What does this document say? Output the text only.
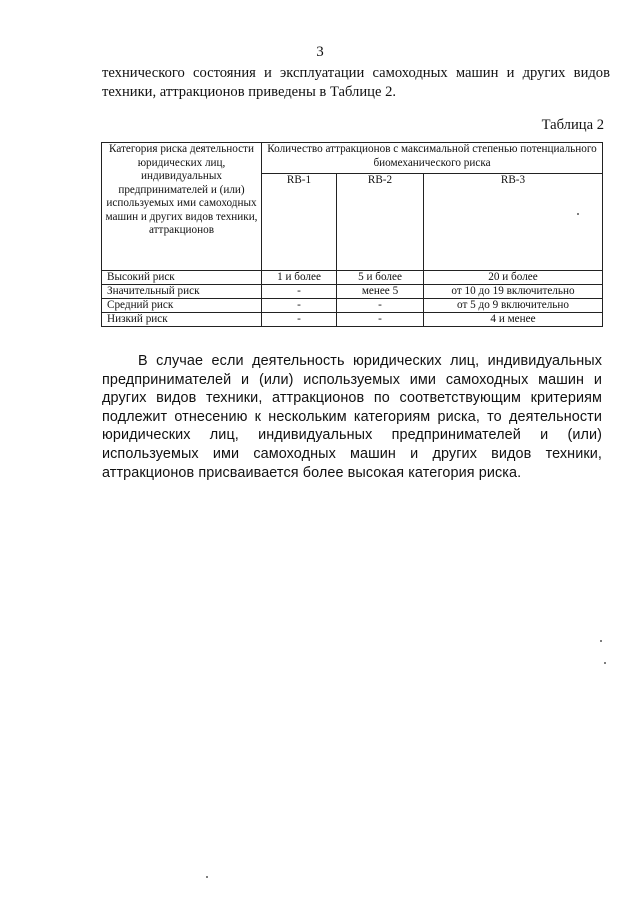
3

технического состояния и эксплуатации самоходных машин и других видов
техники, аттракционов приведены в Таблице 2.

Таблица 2
Категория риска деятельности юридических лиц, индивидуальных предпринимателей и (или) используемых ими самоходных машин и других видов техники, аттракционов	Количество аттракционов с максимальной степенью потенциального биомеханического риска		
	RB-1	RB-2	RB-3
Высокий риск	1 и более	5 и более	20 и более
Значительный риск	-	менее 5	от 10 до 19 включительно
Средний риск	-	-	от 5 до 9 включительно
Низкий риск	-	-	4 и менее

В случае если деятельность юридических лиц, индивидуальных предпринимателей и (или) используемых ими самоходных машин и других видов техники, аттракционов по соответствующим критериям подлежит отнесению к нескольким категориям риска, то деятельности юридических лиц, индивидуальных предпринимателей и (или) используемых ими самоходных машин и других видов техники, аттракционов присваивается более высокая категория риска.
